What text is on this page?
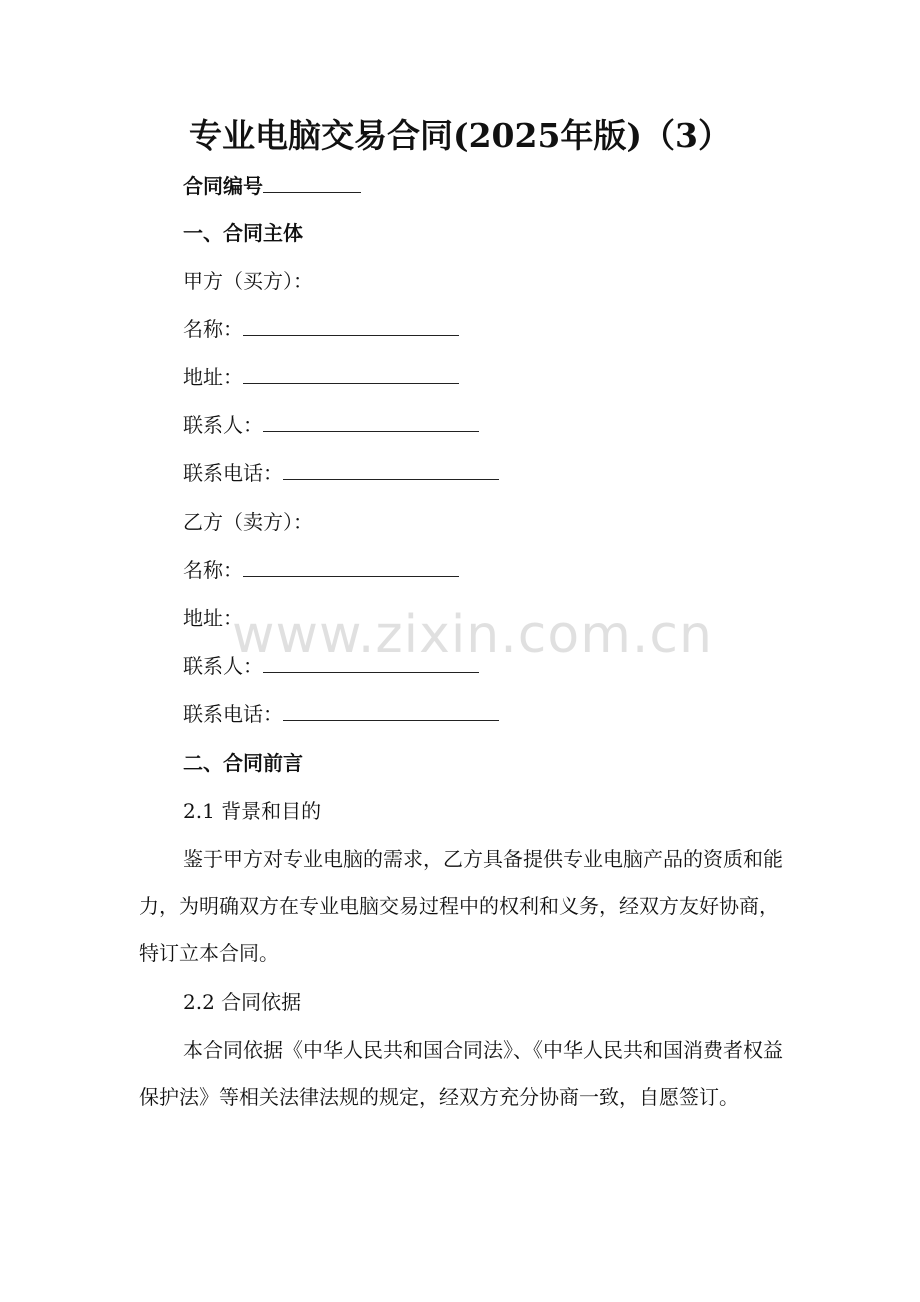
专业电脑交易合同(2025年版)（3）
合同编号
一、合同主体
甲方（买方）：
名称：
地址：
联系人：
联系电话：
乙方（卖方）：
名称：
地址：
联系人：
联系电话：
二、合同前言
2.1 背景和目的
鉴于甲方对专业电脑的需求，乙方具备提供专业电脑产品的资质和能力，为明确双方在专业电脑交易过程中的权利和义务，经双方友好协商，特订立本合同。
2.2 合同依据
本合同依据《中华人民共和国合同法》、《中华人民共和国消费者权益保护法》等相关法律法规的规定，经双方充分协商一致，自愿签订。
www.zixin.com.cn
